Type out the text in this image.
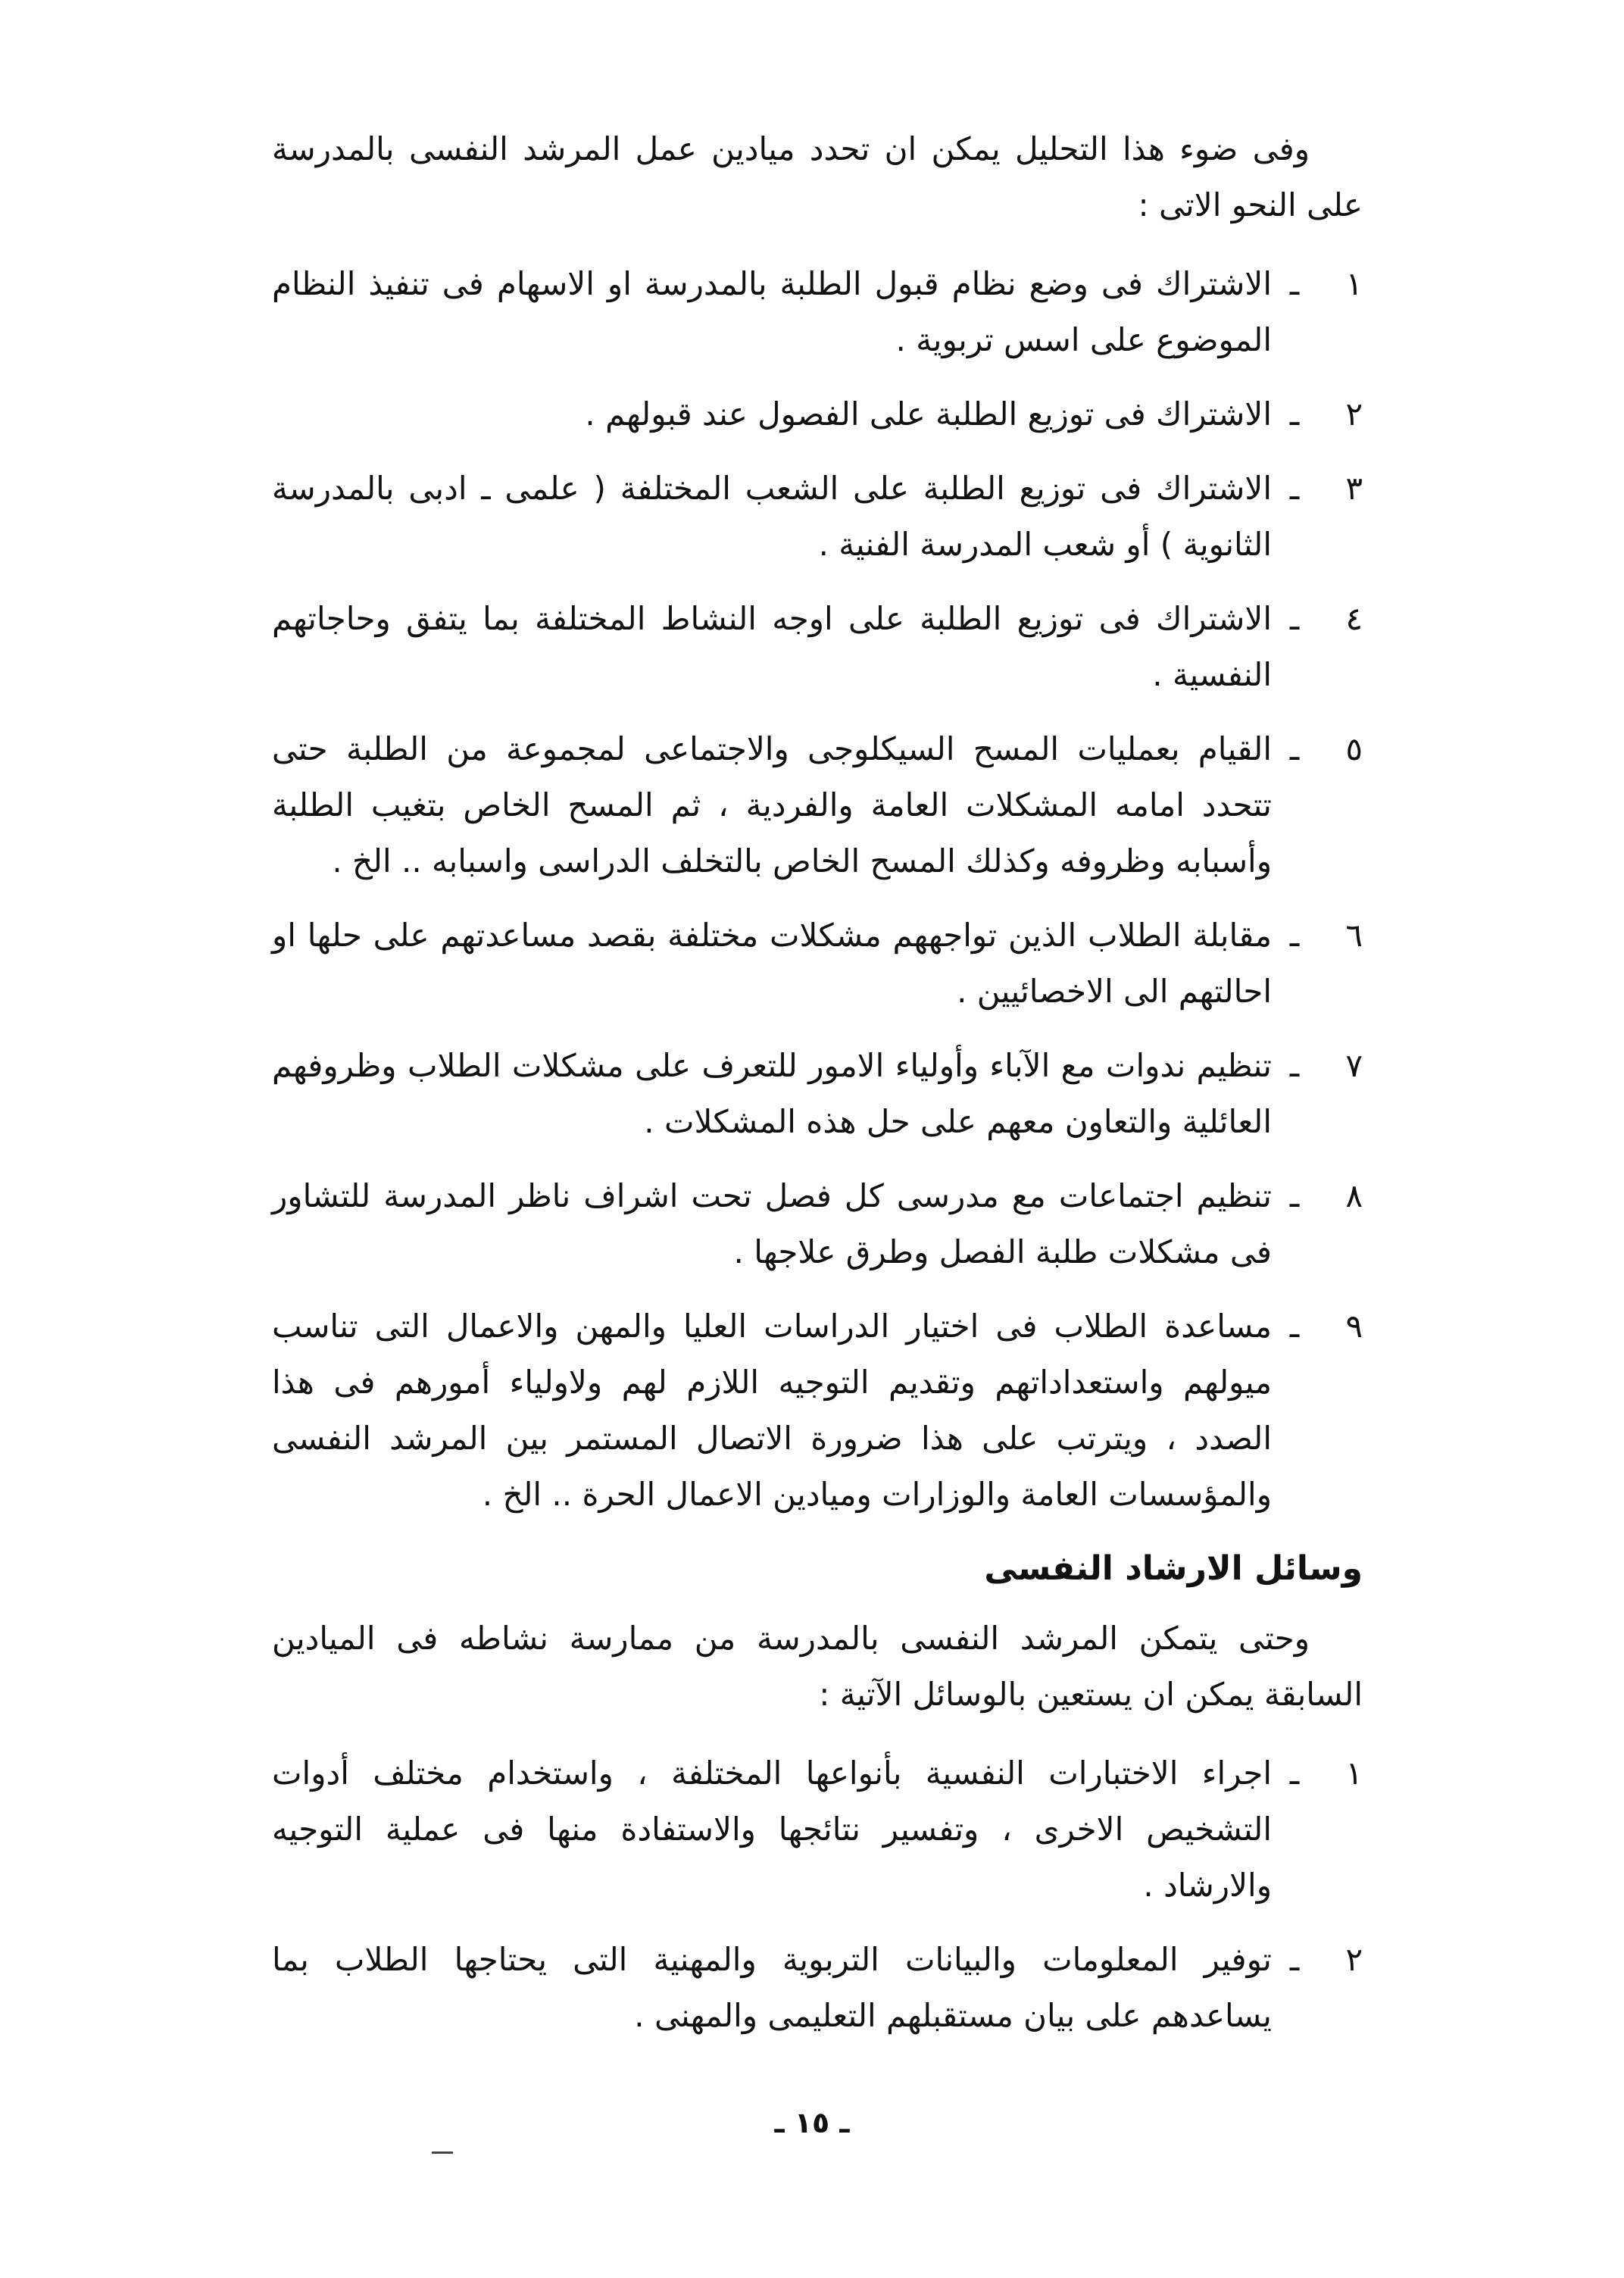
وفى ضوء هذا التحليل يمكن ان تحدد ميادين عمل المرشد النفسى بالمدرسة على النحو الاتى :

١
ـ
الاشتراك فى وضع نظام قبول الطلبة بالمدرسة او الاسهام فى تنفيذ النظام الموضوع على اسس تربوية .
٢
ـ
الاشتراك فى توزيع الطلبة على الفصول عند قبولهم .
٣
ـ
الاشتراك فى توزيع الطلبة على الشعب المختلفة ( علمى ـ ادبى بالمدرسة الثانوية ) أو شعب المدرسة الفنية .
٤
ـ
الاشتراك فى توزيع الطلبة على اوجه النشاط المختلفة بما يتفق وحاجاتهم النفسية .
٥
ـ
القيام بعمليات المسح السيكلوجى والاجتماعى لمجموعة من الطلبة حتى تتحدد امامه المشكلات العامة والفردية ، ثم المسح الخاص بتغيب الطلبة وأسبابه وظروفه وكذلك المسح الخاص بالتخلف الدراسى واسبابه .. الخ .
٦
ـ
مقابلة الطلاب الذين تواجههم مشكلات مختلفة بقصد مساعدتهم على حلها او احالتهم الى الاخصائيين .
٧
ـ
تنظيم ندوات مع الآباء وأولياء الامور للتعرف على مشكلات الطلاب وظروفهم العائلية والتعاون معهم على حل هذه المشكلات .
٨
ـ
تنظيم اجتماعات مع مدرسى كل فصل تحت اشراف ناظر المدرسة للتشاور فى مشكلات طلبة الفصل وطرق علاجها .
٩
ـ
مساعدة الطلاب فى اختيار الدراسات العليا والمهن والاعمال التى تناسب ميولهم واستعداداتهم وتقديم التوجيه اللازم لهم ولاولياء أمورهم فى هذا الصدد ، ويترتب على هذا ضرورة الاتصال المستمر بين المرشد النفسى والمؤسسات العامة والوزارات وميادين الاعمال الحرة .. الخ .
وسائل الارشاد النفسى

وحتى يتمكن المرشد النفسى بالمدرسة من ممارسة نشاطه فى الميادين السابقة يمكن ان يستعين بالوسائل الآتية :

١
ـ
اجراء الاختبارات النفسية بأنواعها المختلفة ، واستخدام مختلف أدوات التشخيص الاخرى ، وتفسير نتائجها والاستفادة منها فى عملية التوجيه والارشاد .
٢
ـ
توفير المعلومات والبيانات التربوية والمهنية التى يحتاجها الطلاب بما يساعدهم على بيان مستقبلهم التعليمى والمهنى .
ـ ١٥ ـ
